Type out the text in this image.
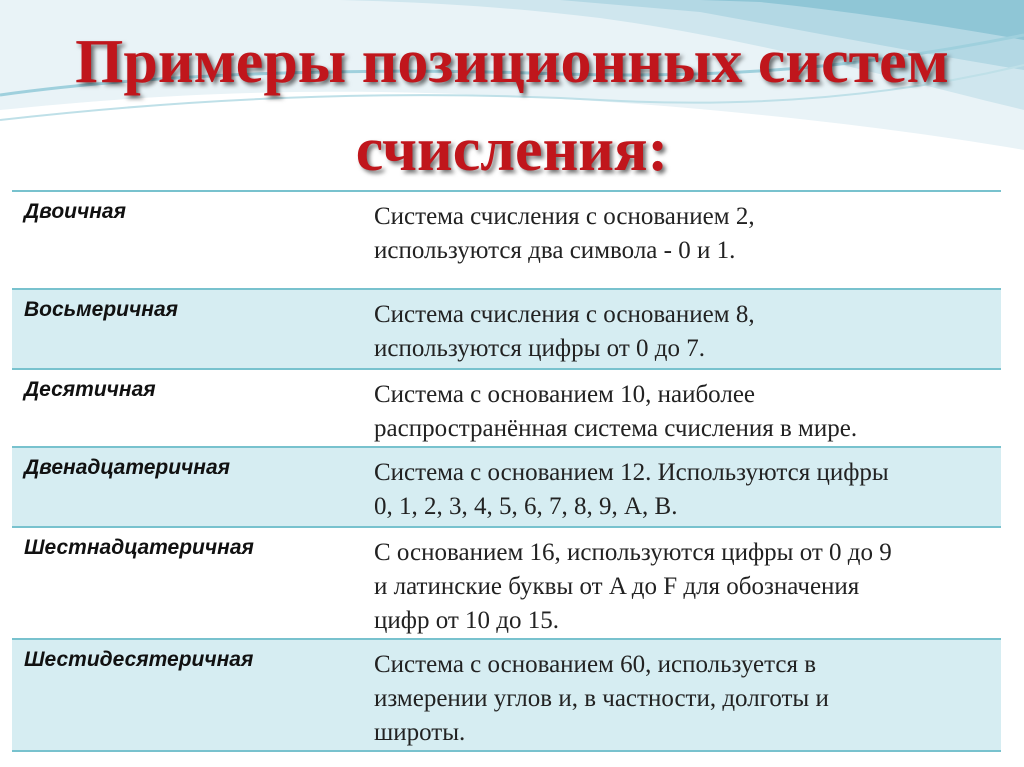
Примеры позиционных систем
счисления:
Двоичная	Система счисления с основанием 2,
используются два символа - 0 и 1.

Восьмеричная	Система счисления с основанием 8,
используются цифры от 0 до 7.

Десятичная	Система с основанием 10, наиболее
распространённая система счисления в мире.

Двенадцатеричная	Система с основанием 12. Используются цифры
0, 1, 2, 3, 4, 5, 6, 7, 8, 9, А, В.

Шестнадцатеричная	С основанием 16, используются цифры от 0 до 9
и латинские буквы от A до F для обозначения
цифр от 10 до 15.

Шестидесятеричная	Система с основанием 60, используется в
измерении углов и, в частности, долготы и
широты.
